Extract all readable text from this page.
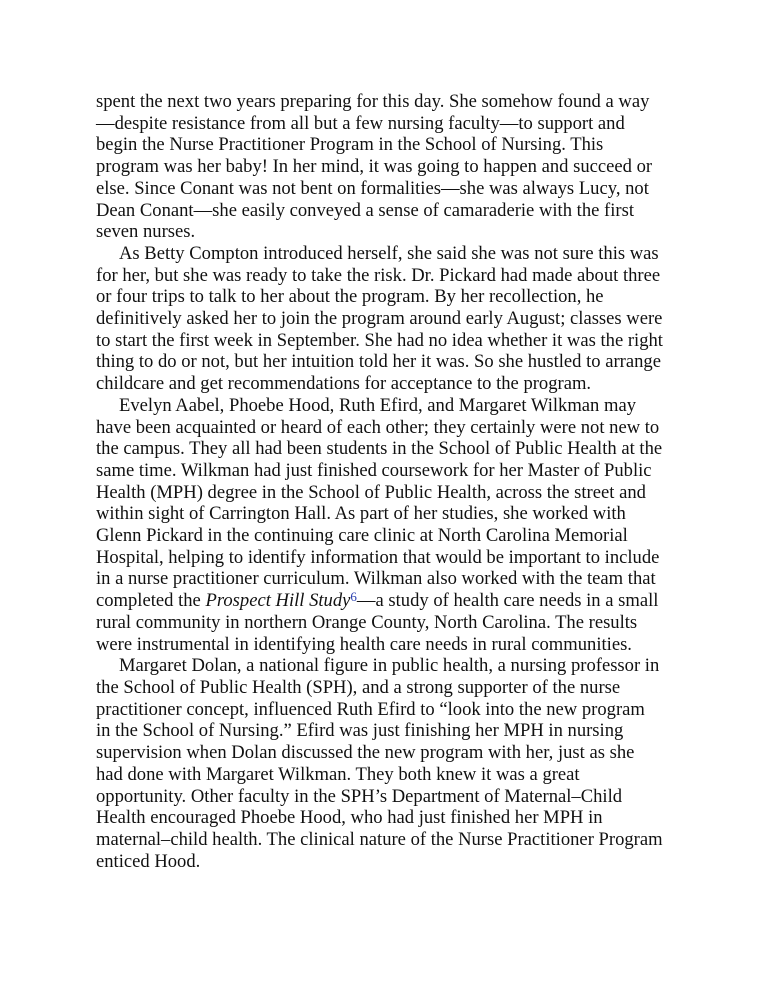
spent the next two years preparing for this day. She somehow found a way
—despite resistance from all but a few nursing faculty—to support and
begin the Nurse Practitioner Program in the School of Nursing. This
program was her baby! In her mind, it was going to happen and succeed or
else. Since Conant was not bent on formalities—she was always Lucy, not
Dean Conant—she easily conveyed a sense of camaraderie with the first
seven nurses.
As Betty Compton introduced herself, she said she was not sure this was
for her, but she was ready to take the risk. Dr. Pickard had made about three
or four trips to talk to her about the program. By her recollection, he
definitively asked her to join the program around early August; classes were
to start the first week in September. She had no idea whether it was the right
thing to do or not, but her intuition told her it was. So she hustled to arrange
childcare and get recommendations for acceptance to the program.
Evelyn Aabel, Phoebe Hood, Ruth Efird, and Margaret Wilkman may
have been acquainted or heard of each other; they certainly were not new to
the campus. They all had been students in the School of Public Health at the
same time. Wilkman had just finished coursework for her Master of Public
Health (MPH) degree in the School of Public Health, across the street and
within sight of Carrington Hall. As part of her studies, she worked with
Glenn Pickard in the continuing care clinic at North Carolina Memorial
Hospital, helping to identify information that would be important to include
in a nurse practitioner curriculum. Wilkman also worked with the team that
completed the Prospect Hill Study$^6$—a study of health care needs in a small
rural community in northern Orange County, North Carolina. The results
were instrumental in identifying health care needs in rural communities.
Margaret Dolan, a national figure in public health, a nursing professor in
the School of Public Health (SPH), and a strong supporter of the nurse
practitioner concept, influenced Ruth Efird to “look into the new program
in the School of Nursing.” Efird was just finishing her MPH in nursing
supervision when Dolan discussed the new program with her, just as she
had done with Margaret Wilkman. They both knew it was a great
opportunity. Other faculty in the SPH’s Department of Maternal–Child
Health encouraged Phoebe Hood, who had just finished her MPH in
maternal–child health. The clinical nature of the Nurse Practitioner Program
enticed Hood.
